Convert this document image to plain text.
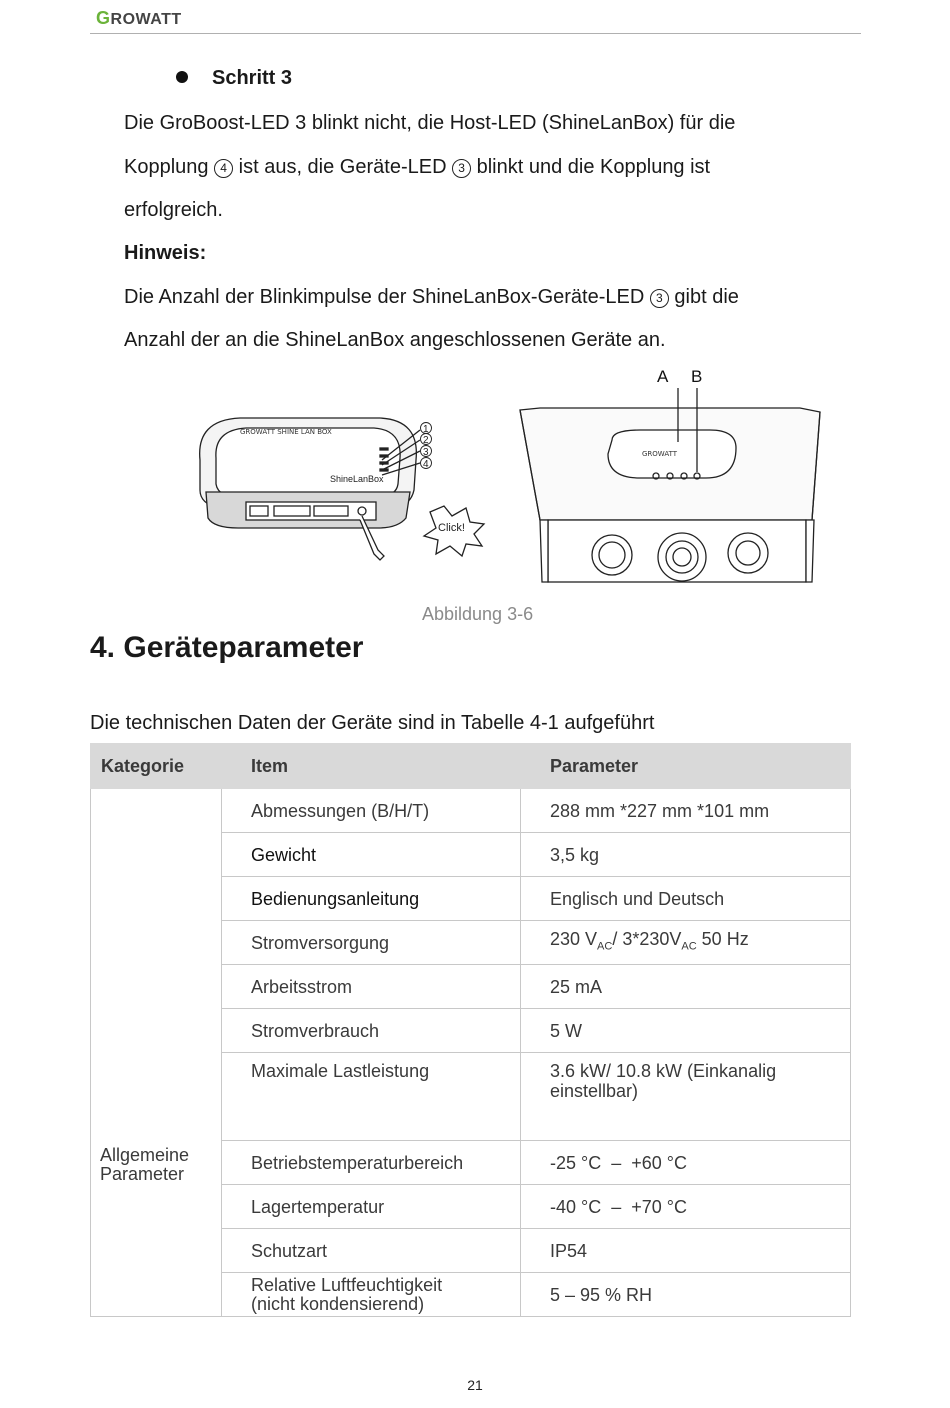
GROWATT
Schritt 3
Die GroBoost-LED 3 blinkt nicht, die Host-LED (ShineLanBox) für die
Kopplung 4 ist aus, die Geräte-LED 3 blinkt und die Kopplung ist
erfolgreich.
Hinweis:
Die Anzahl der Blinkimpulse der ShineLanBox-Geräte-LED 3 gibt die
Anzahl der an die ShineLanBox angeschlossenen Geräte an.
GROWATT SHINE LAN BOX
ShineLanBox
Click!
1
2
3
4
GROWATT
A B
Abbildung 3-6
4. Geräteparameter
Die technischen Daten der Geräte sind in Tabelle 4-1 aufgeführt
Kategorie	Item	Parameter

Allgemeine Parameter	Abmessungen (B/H/T)	288 mm *227 mm *101 mm
	Gewicht	3,5 kg
	Bedienungsanleitung	Englisch und Deutsch
	Stromversorgung	230 $V_{AC}/$ $3*230V_{AC}$ 50 Hz
	Arbeitsstrom	25 mA
	Stromverbrauch	5 W
	Maximale Lastleistung	3.6 kW/ 10.8 kW (Einkanalig einstellbar)
	Betriebstemperaturbereich	-25 °C  –  +60 °C
	Lagertemperatur	-40 °C  –  +70 °C
	Schutzart	IP54
	Relative Luftfeuchtigkeit (nicht kondensierend)	5 – 95 % RH
21
